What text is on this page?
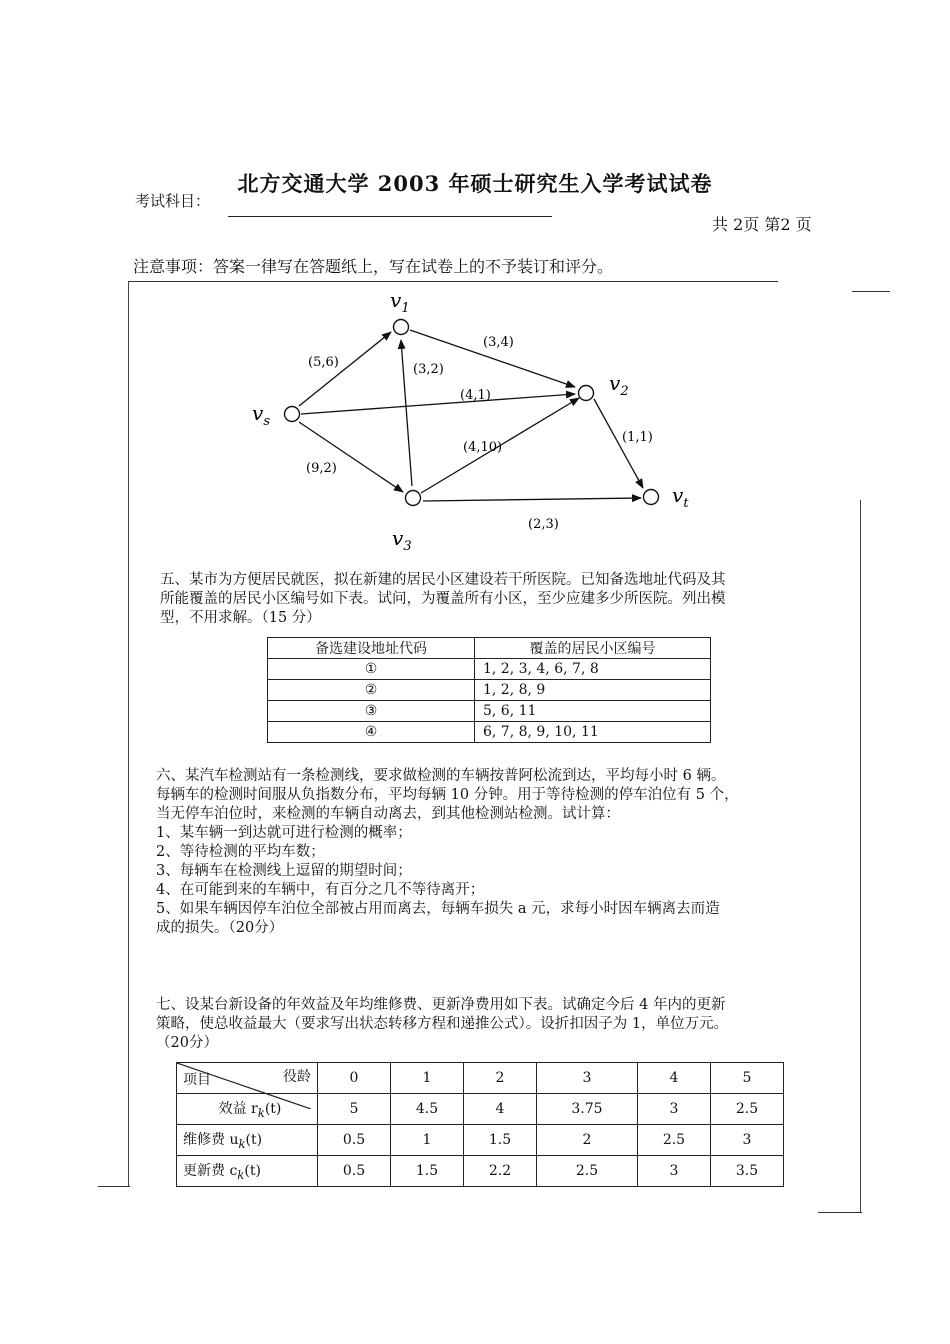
北方交通大学 2003 年硕士研究生入学考试试卷
考试科目：
共 2页 第2 页
注意事项：答案一律写在答题纸上，写在试卷上的不予装订和评分。
$v_1$
$v_s$
$v_2$
$v_3$
$v_t$
(5,6)
(3,4)
(3,2)
(4,1)
(4,10)
(1,1)
(9,2)
(2,3)
五、某市为方便居民就医，拟在新建的居民小区建设若干所医院。已知备选地址代码及其
所能覆盖的居民小区编号如下表。试问，为覆盖所有小区，至少应建多少所医院。列出模
型，不用求解。（15 分）
备选建设地址代码	覆盖的居民小区编号
①	1, 2, 3, 4, 6, 7, 8
②	1, 2, 8, 9
③	5, 6, 11
④	6, 7, 8, 9, 10, 11
六、某汽车检测站有一条检测线，要求做检测的车辆按普阿松流到达，平均每小时 6 辆。
每辆车的检测时间服从负指数分布，平均每辆 10 分钟。用于等待检测的停车泊位有 5 个，
当无停车泊位时，来检测的车辆自动离去，到其他检测站检测。试计算：
1、某车辆一到达就可进行检测的概率；
2、等待检测的平均车数；
3、每辆车在检测线上逗留的期望时间；
4、在可能到来的车辆中，有百分之几不等待离开；
5、如果车辆因停车泊位全部被占用而离去，每辆车损失 a 元，求每小时因车辆离去而造
成的损失。（20分）
七、设某台新设备的年效益及年均维修费、更新净费用如下表。试确定今后 4 年内的更新
策略，使总收益最大（要求写出状态转移方程和递推公式）。设折扣因子为 1，单位万元。
（20分）
役龄
项目	0	1	2	3	4	5
效益 $r_k(t)$	5	4.5	4	3.75	3	2.5
维修费 $u_k(t)$	0.5	1	1.5	2	2.5	3
更新费 $c_k(t)$	0.5	1.5	2.2	2.5	3	3.5
